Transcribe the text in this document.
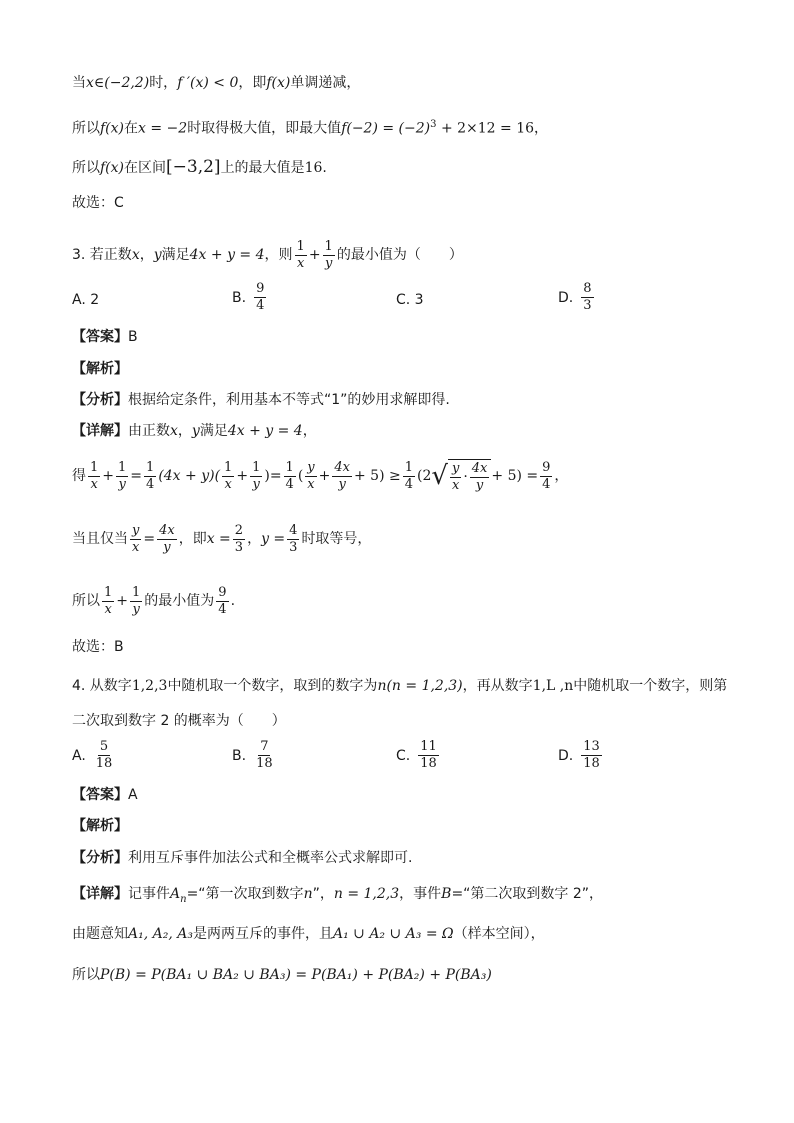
当x∈(−2,2)时，f ′(x) < 0，即f(x)单调递减，
所以f(x)在x = −2时取得极大值，即最大值$f(-2) = (-2)^3 + 2\times 12 = 16$，
所以f(x)在区间[−3,2]上的最大值是16.
故选：C
3. 若正数 x ， y 满足 4x + y = 4 ，则 $\frac{1}{x} + \frac{1}{y}$ 的最小值为（　　）
A. 2	B. $\frac{9}{4}$	C. 3	D. $\frac{8}{3}$
【答案】B
【解析】
【分析】根据给定条件，利用基本不等式“1”的妙用求解即得.
【详解】由正数x，y满足4x + y = 4，
得 $\frac{1}{x} + \frac{1}{y} = \frac{1}{4} (4x + y)( \frac{1}{x} + \frac{1}{y}$ ) = $\frac{1}{4}$ ( $\frac{y}{x} + \frac{4x}{y} + 5) \ge \frac{1}{4} (2$ √ $\frac{y}{x} \cdot \frac{4x}{y} + 5) = \frac{9}{4}$ ，
当且仅当 $\frac{y}{x} = \frac{4x}{y}$ ，即 $x = \frac{2}{3}$ ， $y = \frac{4}{3}$ 时取等号，
所以 $\frac{1}{x} + \frac{1}{y}$ 的最小值为 $\frac{9}{4}$ .
故选：B
4. 从数字1,2,3中随机取一个数字，取到的数字为n(n = 1,2,3)，再从数字1,L ,n中随机取一个数字，则第
二次取到数字 2 的概率为（　　）
A. $\frac{5}{18}$	B. $\frac{7}{18}$	C. $\frac{11}{18}$	D. $\frac{13}{18}$
【答案】A
【解析】
【分析】利用互斥事件加法公式和全概率公式求解即可.
【详解】记事件$A_n=“$第一次取到数字n”，n = 1,2,3，事件B=“第二次取到数字 2”，
由题意知A₁, A₂, A₃是两两互斥的事件，且A₁ ∪ A₂ ∪ A₃ = Ω（样本空间），
所以P(B) = P(BA₁ ∪ BA₂ ∪ BA₃) = P(BA₁) + P(BA₂) + P(BA₃)
